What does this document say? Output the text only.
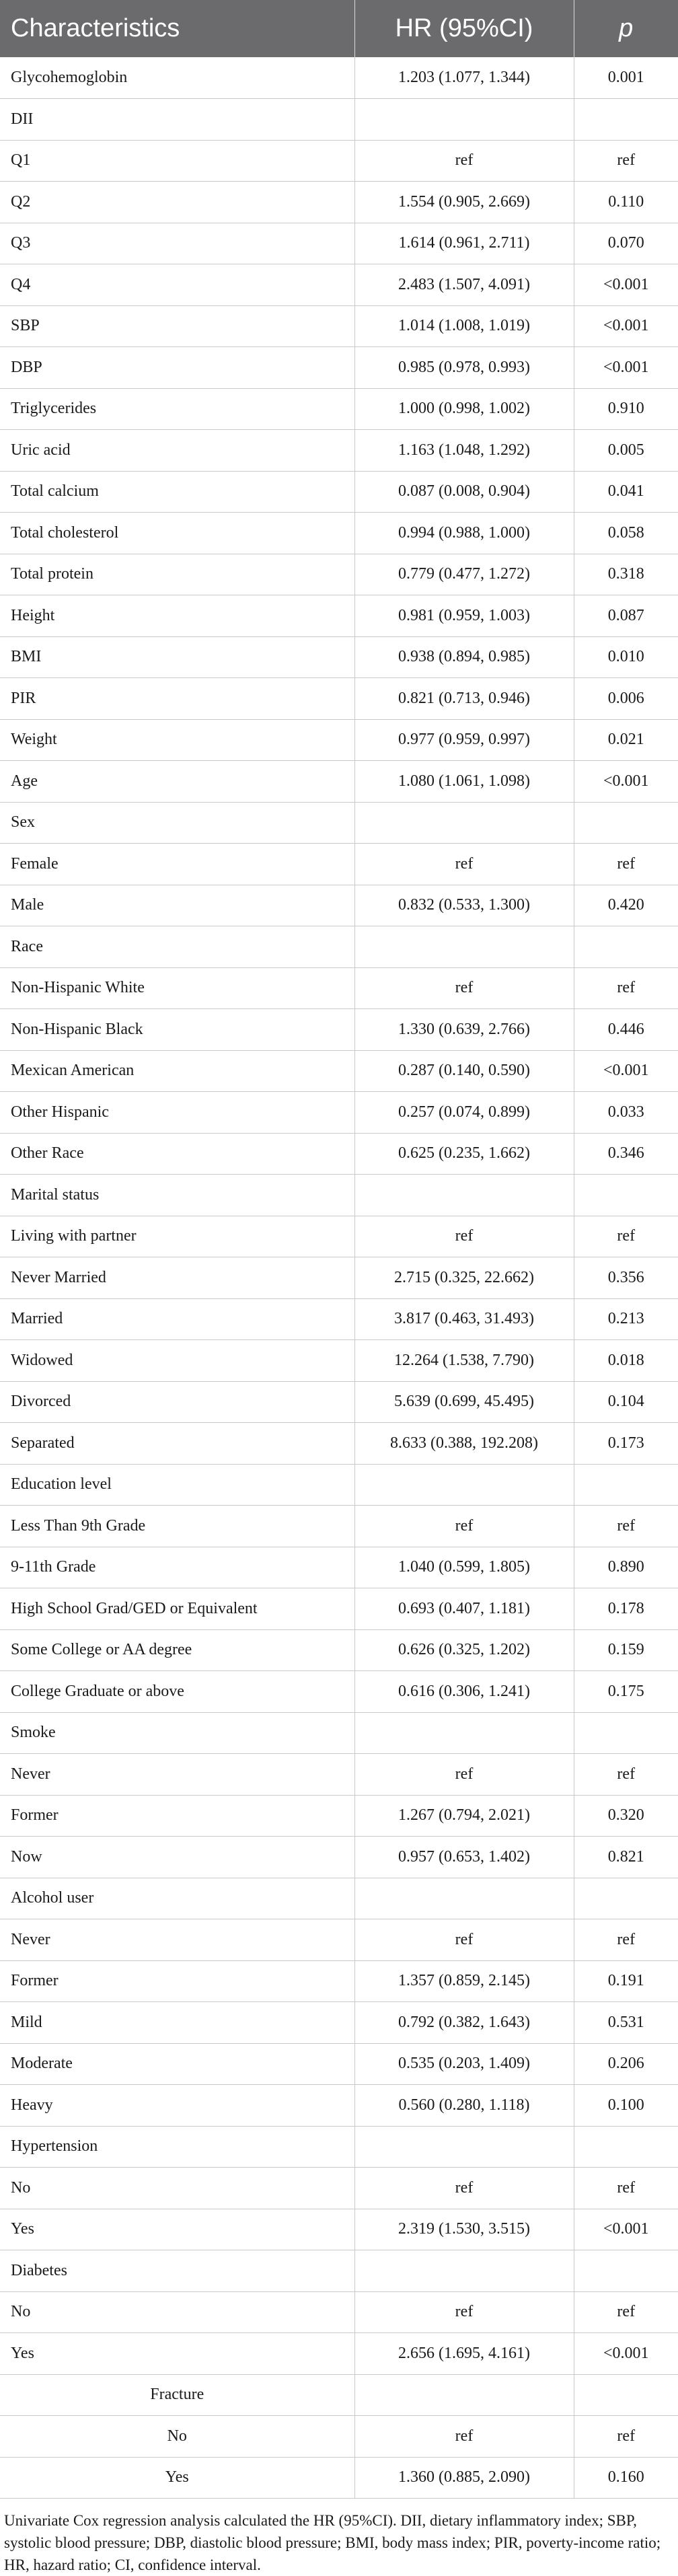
Characteristics	HR (95%CI)	p
Glycohemoglobin	1.203 (1.077, 1.344)	0.001
DII		
Q1	ref	ref
Q2	1.554 (0.905, 2.669)	0.110
Q3	1.614 (0.961, 2.711)	0.070
Q4	2.483 (1.507, 4.091)	<0.001
SBP	1.014 (1.008, 1.019)	<0.001
DBP	0.985 (0.978, 0.993)	<0.001
Triglycerides	1.000 (0.998, 1.002)	0.910
Uric acid	1.163 (1.048, 1.292)	0.005
Total calcium	0.087 (0.008, 0.904)	0.041
Total cholesterol	0.994 (0.988, 1.000)	0.058
Total protein	0.779 (0.477, 1.272)	0.318
Height	0.981 (0.959, 1.003)	0.087
BMI	0.938 (0.894, 0.985)	0.010
PIR	0.821 (0.713, 0.946)	0.006
Weight	0.977 (0.959, 0.997)	0.021
Age	1.080 (1.061, 1.098)	<0.001
Sex		
Female	ref	ref
Male	0.832 (0.533, 1.300)	0.420
Race		
Non-Hispanic White	ref	ref
Non-Hispanic Black	1.330 (0.639, 2.766)	0.446
Mexican American	0.287 (0.140, 0.590)	<0.001
Other Hispanic	0.257 (0.074, 0.899)	0.033
Other Race	0.625 (0.235, 1.662)	0.346
Marital status		
Living with partner	ref	ref
Never Married	2.715 (0.325, 22.662)	0.356
Married	3.817 (0.463, 31.493)	0.213
Widowed	12.264 (1.538, 7.790)	0.018
Divorced	5.639 (0.699, 45.495)	0.104
Separated	8.633 (0.388, 192.208)	0.173
Education level		
Less Than 9th Grade	ref	ref
9-11th Grade	1.040 (0.599, 1.805)	0.890
High School Grad/GED or Equivalent	0.693 (0.407, 1.181)	0.178
Some College or AA degree	0.626 (0.325, 1.202)	0.159
College Graduate or above	0.616 (0.306, 1.241)	0.175
Smoke		
Never	ref	ref
Former	1.267 (0.794, 2.021)	0.320
Now	0.957 (0.653, 1.402)	0.821
Alcohol user		
Never	ref	ref
Former	1.357 (0.859, 2.145)	0.191
Mild	0.792 (0.382, 1.643)	0.531
Moderate	0.535 (0.203, 1.409)	0.206
Heavy	0.560 (0.280, 1.118)	0.100
Hypertension		
No	ref	ref
Yes	2.319 (1.530, 3.515)	<0.001
Diabetes		
No	ref	ref
Yes	2.656 (1.695, 4.161)	<0.001
Fracture		
No	ref	ref
Yes	1.360 (0.885, 2.090)	0.160
Univariate Cox regression analysis calculated the HR (95%CI). DII, dietary inflammatory index; SBP, systolic blood pressure; DBP, diastolic blood pressure; BMI, body mass index; PIR, poverty-income ratio; HR, hazard ratio; CI, confidence interval.
